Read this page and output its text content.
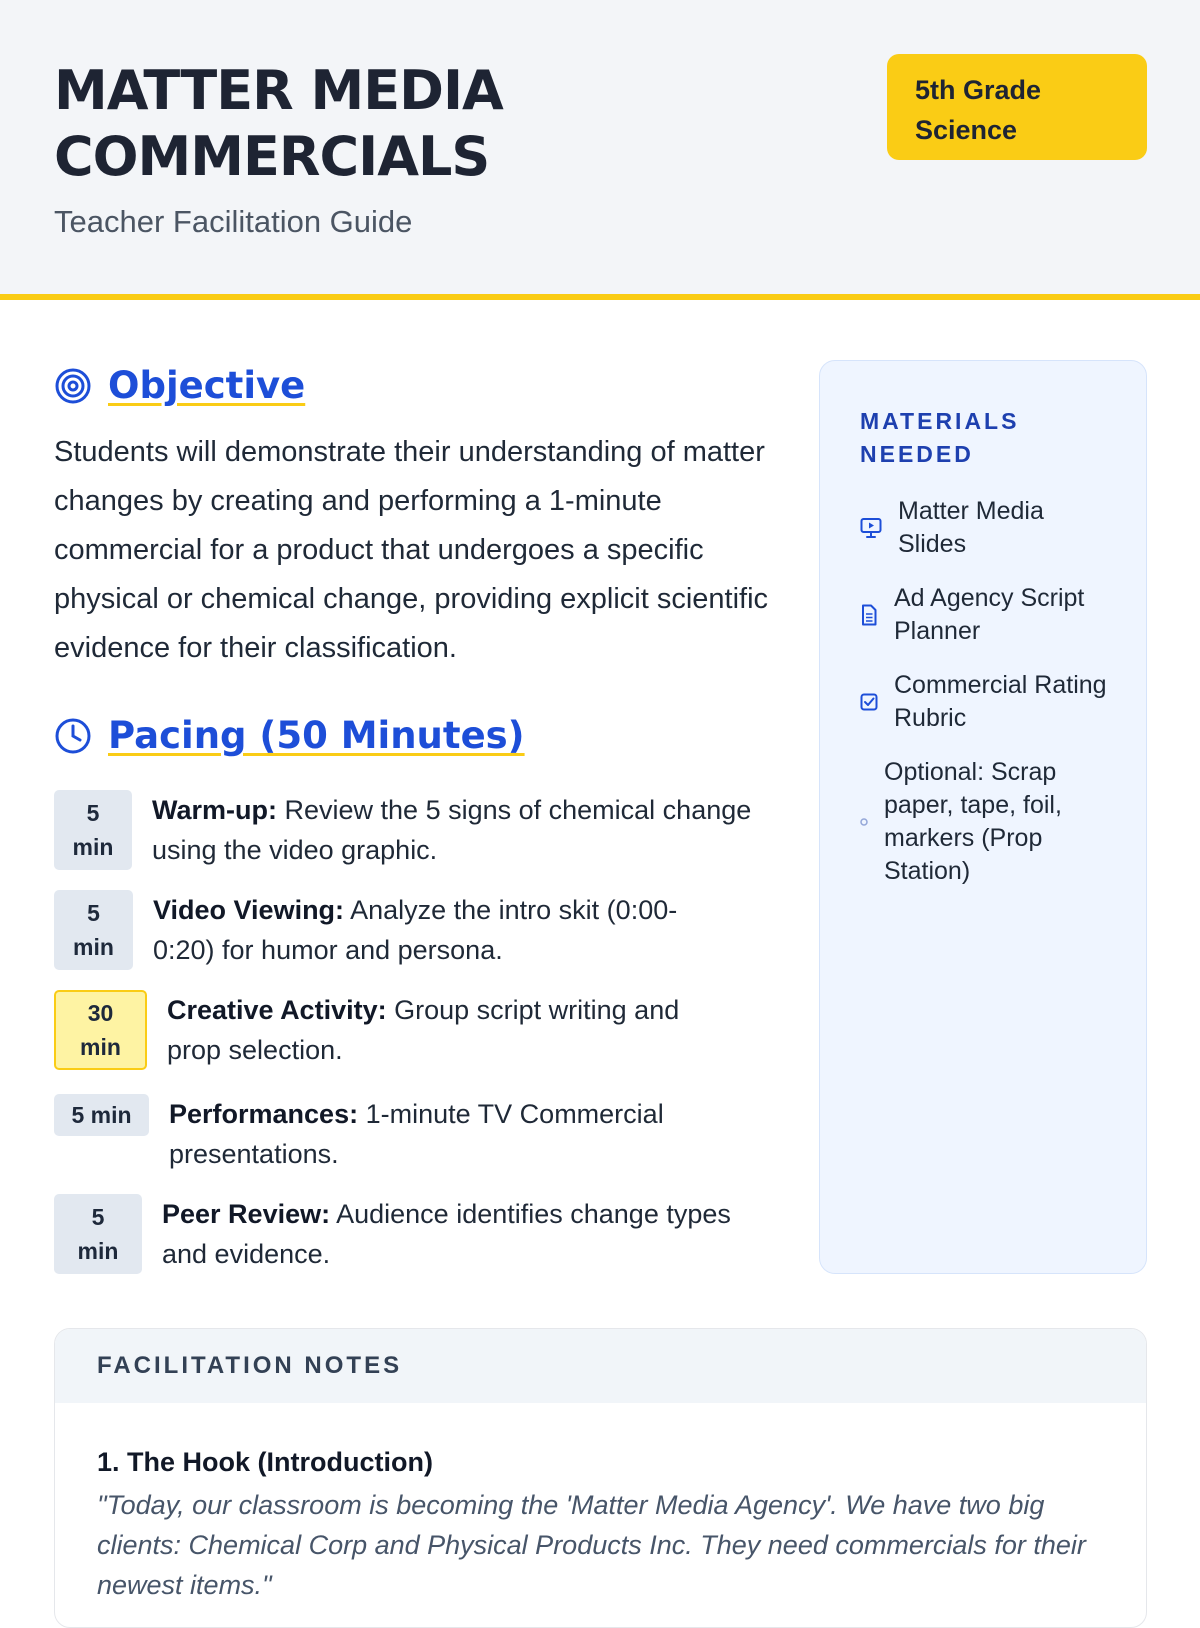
MATTER MEDIA
COMMERCIALS
Teacher Facilitation Guide
5th Grade
Science
Objective

Students will demonstrate their understanding of matter changes by creating and performing a 1-minute commercial for a product that undergoes a specific physical or chemical change, providing explicit scientific evidence for their classification.

Pacing (50 Minutes)
5
min
Warm-up: Review the 5 signs of chemical change using the video graphic.
5
min
Video Viewing: Analyze the intro skit (0:00-0:20) for humor and persona.
30
min
Creative Activity: Group script writing and prop selection.
5 min	Performances: 1-minute TV Commercial presentations.
5
min
Peer Review: Audience identifies change types and evidence.
MATERIALS NEEDED
Matter Media Slides
Ad Agency Script Planner
Commercial Rating Rubric
Optional: Scrap paper, tape, foil, markers (Prop Station)
FACILITATION NOTES
1. The Hook (Introduction)
"Today, our classroom is becoming the 'Matter Media Agency'. We have two big clients: Chemical Corp and Physical Products Inc. They need commercials for their newest items."
